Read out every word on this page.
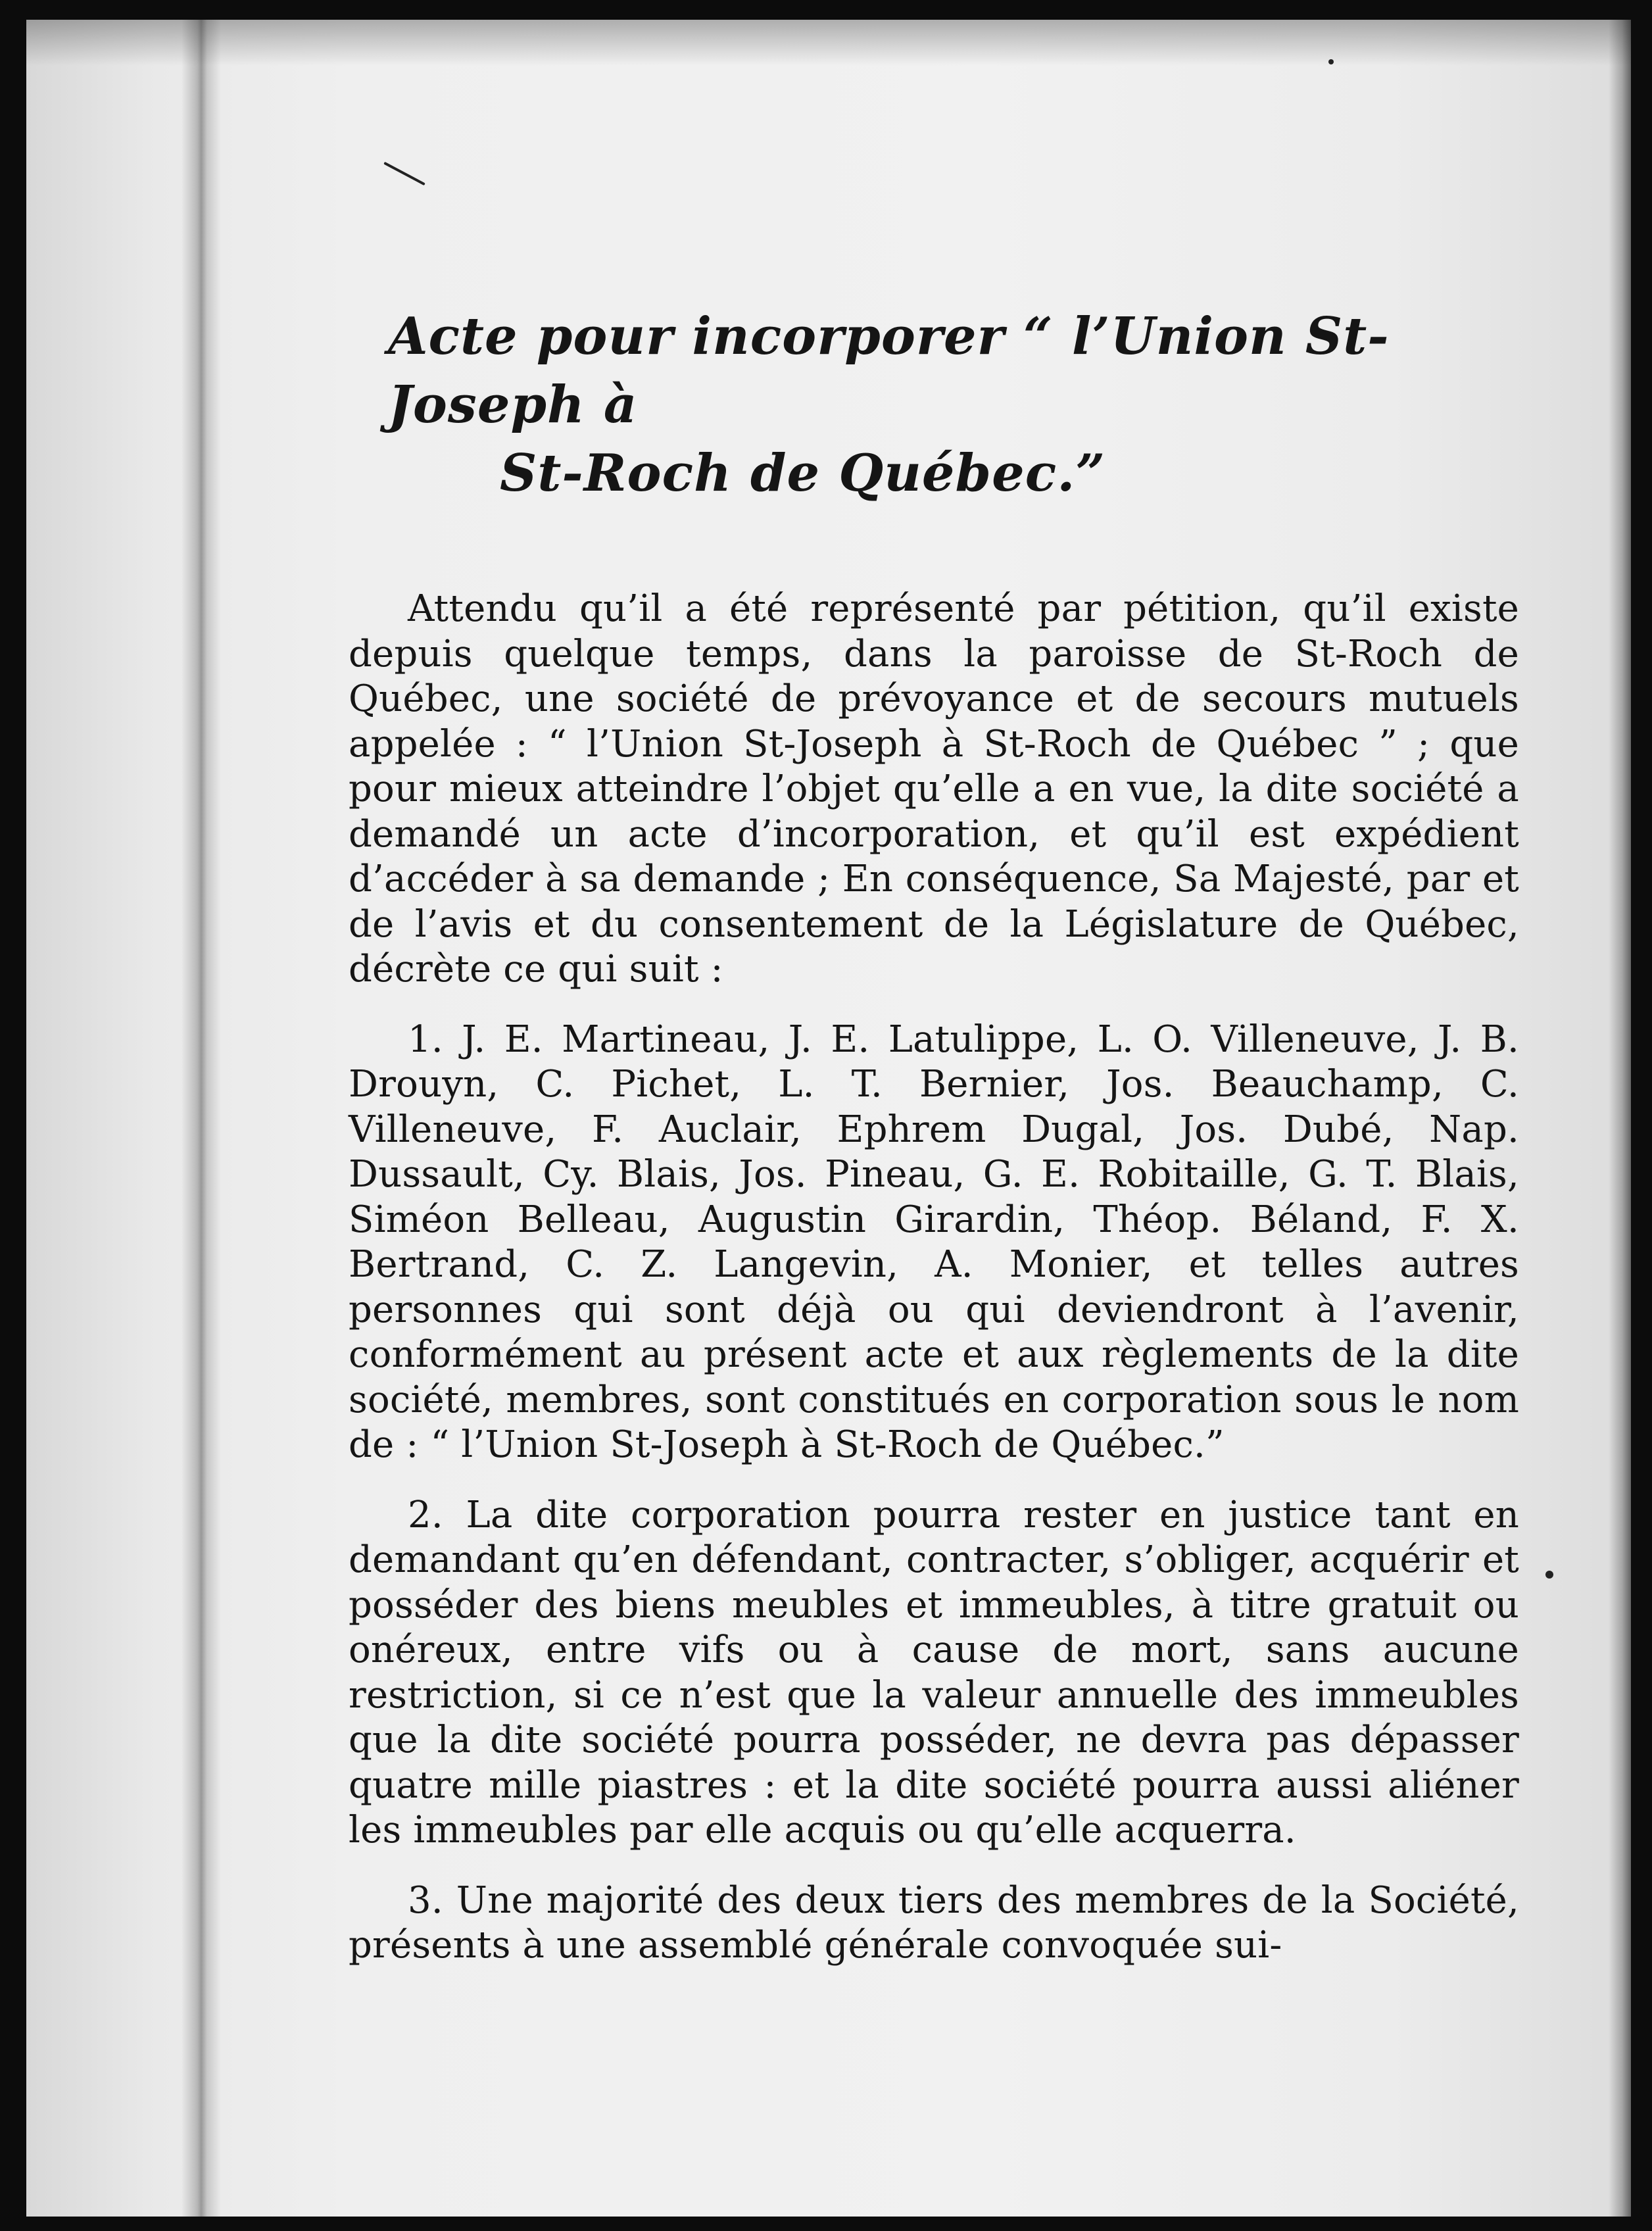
Acte pour incorporer “ l’Union St-Joseph à
St-Roch de Québec.”

Attendu qu’il a été représenté par pétition, qu’il existe depuis quelque temps, dans la paroisse de St-Roch de Québec, une société de prévoyance et de secours mutuels appelée : “ l’Union St-Joseph à St-Roch de Québec ” ; que pour mieux atteindre l’objet qu’elle a en vue, la dite société a demandé un acte d’incorporation, et qu’il est expédient d’accéder à sa demande ; En conséquence, Sa Majesté, par et de l’avis et du consentement de la Législature de Québec, décrète ce qui suit :

1. J. E. Martineau, J. E. Latulippe, L. O. Villeneuve, J. B. Drouyn, C. Pichet, L. T. Bernier, Jos. Beauchamp, C. Villeneuve, F. Auclair, Ephrem Dugal, Jos. Dubé, Nap. Dussault, Cy. Blais, Jos. Pineau, G. E. Robitaille, G. T. Blais, Siméon Belleau, Augustin Girardin, Théop. Béland, F. X. Bertrand, C. Z. Langevin, A. Monier, et telles autres personnes qui sont déjà ou qui deviendront à l’avenir, conformément au présent acte et aux règlements de la dite société, membres, sont constitués en corporation sous le nom de : “ l’Union St-Joseph à St-Roch de Québec.”

2. La dite corporation pourra rester en justice tant en demandant qu’en défendant, contracter, s’obliger, acquérir et posséder des biens meubles et immeubles, à titre gratuit ou onéreux, entre vifs ou à cause de mort, sans aucune restriction, si ce n’est que la valeur annuelle des immeubles que la dite société pourra posséder, ne devra pas dépasser quatre mille piastres : et la dite société pourra aussi aliéner les immeubles par elle acquis ou qu’elle acquerra.

3. Une majorité des deux tiers des membres de la Société, présents à une assemblé générale convoquée sui-
